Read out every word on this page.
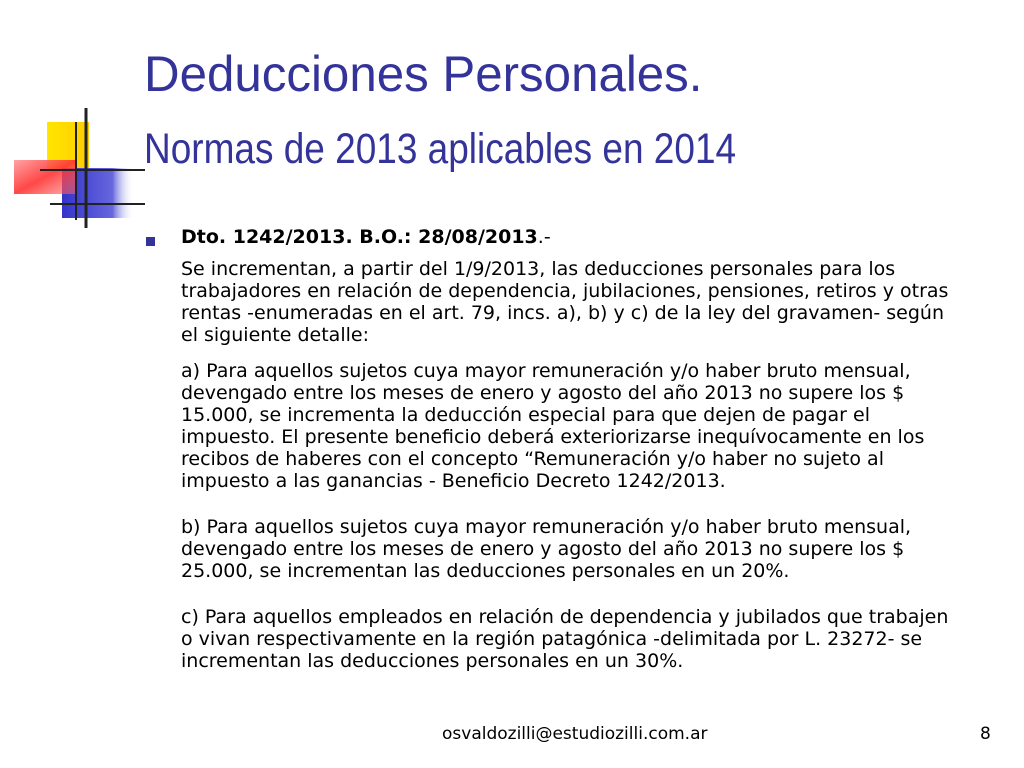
Deducciones Personales.
Normas de 2013 aplicables en 2014

Dto. 1242/2013. B.O.: 28/08/2013.-

Se incrementan, a partir del 1/9/2013, las deducciones personales para los

trabajadores en relación de dependencia, jubilaciones, pensiones, retiros y otras

rentas -enumeradas en el art. 79, incs. a), b) y c) de la ley del gravamen- según

el siguiente detalle:

a) Para aquellos sujetos cuya mayor remuneración y/o haber bruto mensual,

devengado entre los meses de enero y agosto del año 2013 no supere los $

15.000, se incrementa la deducción especial para que dejen de pagar el

impuesto. El presente beneficio deberá exteriorizarse inequívocamente en los

recibos de haberes con el concepto “Remuneración y/o haber no sujeto al

impuesto a las ganancias - Beneficio Decreto 1242/2013.

b) Para aquellos sujetos cuya mayor remuneración y/o haber bruto mensual,

devengado entre los meses de enero y agosto del año 2013 no supere los $

25.000, se incrementan las deducciones personales en un 20%.

c) Para aquellos empleados en relación de dependencia y jubilados que trabajen

o vivan respectivamente en la región patagónica -delimitada por L. 23272- se

incrementan las deducciones personales en un 30%.

osvaldozilli@estudiozilli.com.ar	8
